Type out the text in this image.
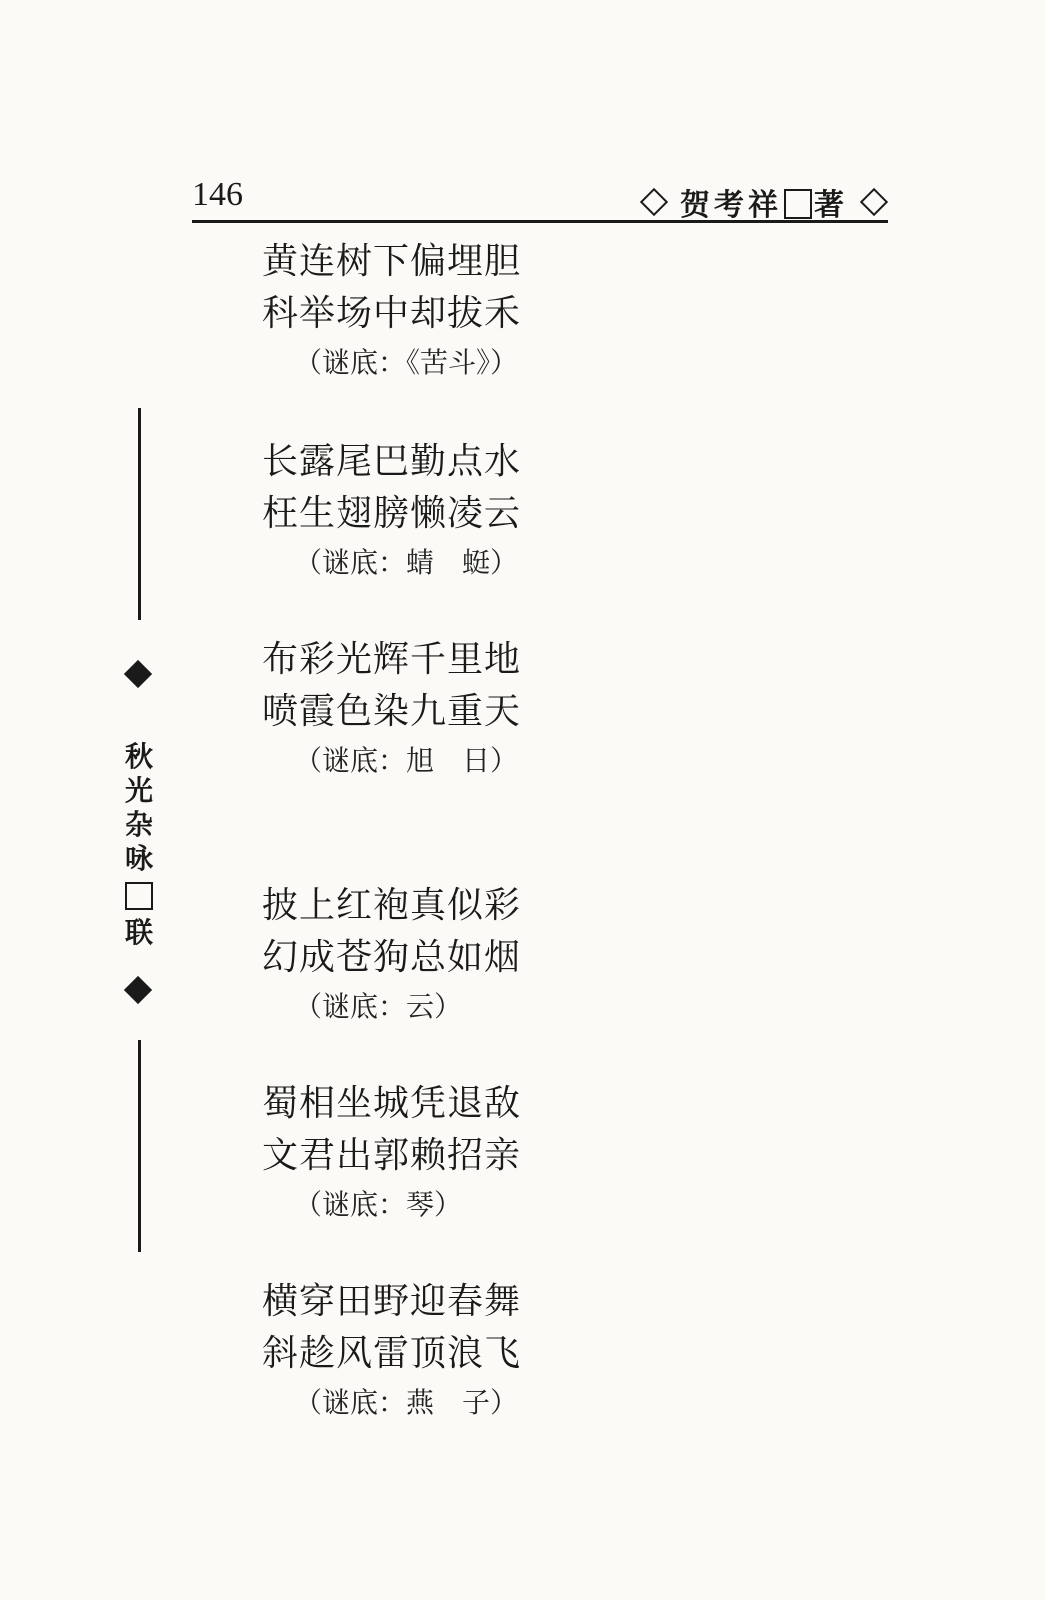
146	贺考祥 著
秋
光
杂
咏
联
黄连树下偏埋胆
科举场中却拔禾
（谜底：《苦斗》）
长露尾巴勤点水
枉生翅膀懒凌云
（谜底：蜻　蜓）
布彩光辉千里地
喷霞色染九重天
（谜底：旭　日）
披上红袍真似彩
幻成苍狗总如烟
（谜底：云）
蜀相坐城凭退敌
文君出郭赖招亲
（谜底：琴）
横穿田野迎春舞
斜趁风雷顶浪飞
（谜底：燕　子）
